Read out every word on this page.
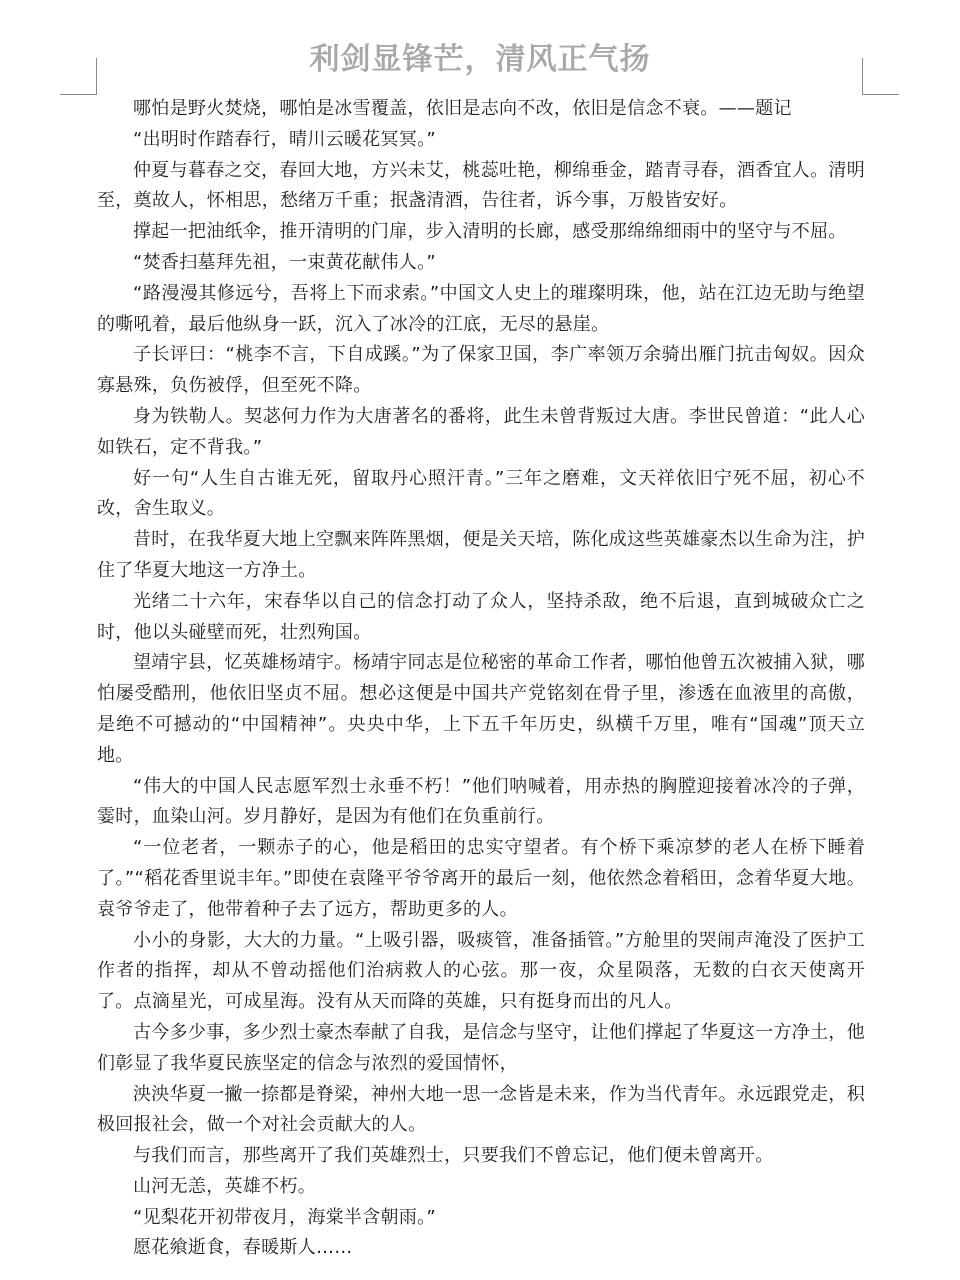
利剑显锋芒，清风正气扬

哪怕是野火焚烧，哪怕是冰雪覆盖，依旧是志向不改，依旧是信念不衰。——题记

“出明时作踏春行，晴川云暖花冥冥。”

仲夏与暮春之交，春回大地，方兴未艾，桃蕊吐艳，柳绵垂金，踏青寻春，酒香宜人。清明至，奠故人，怀相思，愁绪万千重；抿盏清酒，告往者，诉今事，万般皆安好。

撑起一把油纸伞，推开清明的门扉，步入清明的长廊，感受那绵绵细雨中的坚守与不屈。

“焚香扫墓拜先祖，一束黄花献伟人。”

“路漫漫其修远兮，吾将上下而求索。”中国文人史上的璀璨明珠，他，站在江边无助与绝望的嘶吼着，最后他纵身一跃，沉入了冰冷的江底，无尽的悬崖。

子长评曰：“桃李不言，下自成蹊。”为了保家卫国，李广率领万余骑出雁门抗击匈奴。因众寡悬殊，负伤被俘，但至死不降。

身为铁勒人。契苾何力作为大唐著名的番将，此生未曾背叛过大唐。李世民曾道：“此人心如铁石，定不背我。”

好一句“人生自古谁无死，留取丹心照汗青。”三年之磨难，文天祥依旧宁死不屈，初心不改，舍生取义。

昔时，在我华夏大地上空飘来阵阵黑烟，便是关天培，陈化成这些英雄豪杰以生命为注，护住了华夏大地这一方净土。

光绪二十六年，宋春华以自己的信念打动了众人，坚持杀敌，绝不后退，直到城破众亡之时，他以头碰壁而死，壮烈殉国。

望靖宇县，忆英雄杨靖宇。杨靖宇同志是位秘密的革命工作者，哪怕他曾五次被捕入狱，哪怕屡受酷刑，他依旧坚贞不屈。想必这便是中国共产党铭刻在骨子里，渗透在血液里的高傲，是绝不可撼动的“中国精神”。央央中华，上下五千年历史，纵横千万里，唯有“国魂”顶天立地。

“伟大的中国人民志愿军烈士永垂不朽！”他们呐喊着，用赤热的胸膛迎接着冰冷的子弹，霎时，血染山河。岁月静好，是因为有他们在负重前行。

“一位老者，一颗赤子的心，他是稻田的忠实守望者。有个桥下乘凉梦的老人在桥下睡着了。”“稻花香里说丰年。”即使在袁隆平爷爷离开的最后一刻，他依然念着稻田，念着华夏大地。袁爷爷走了，他带着种子去了远方，帮助更多的人。

小小的身影，大大的力量。“上吸引器，吸痰管，准备插管。”方舱里的哭闹声淹没了医护工作者的指挥，却从不曾动摇他们治病救人的心弦。那一夜，众星陨落，无数的白衣天使离开了。点滴星光，可成星海。没有从天而降的英雄，只有挺身而出的凡人。

古今多少事，多少烈士豪杰奉献了自我，是信念与坚守，让他们撑起了华夏这一方净土，他们彰显了我华夏民族坚定的信念与浓烈的爱国情怀，

泱泱华夏一撇一捺都是脊梁，神州大地一思一念皆是未来，作为当代青年。永远跟党走，积极回报社会，做一个对社会贡献大的人。

与我们而言，那些离开了我们英雄烈士，只要我们不曾忘记，他们便未曾离开。

山河无恙，英雄不朽。

“见梨花开初带夜月，海棠半含朝雨。”

愿花飨逝食，春暖斯人……
